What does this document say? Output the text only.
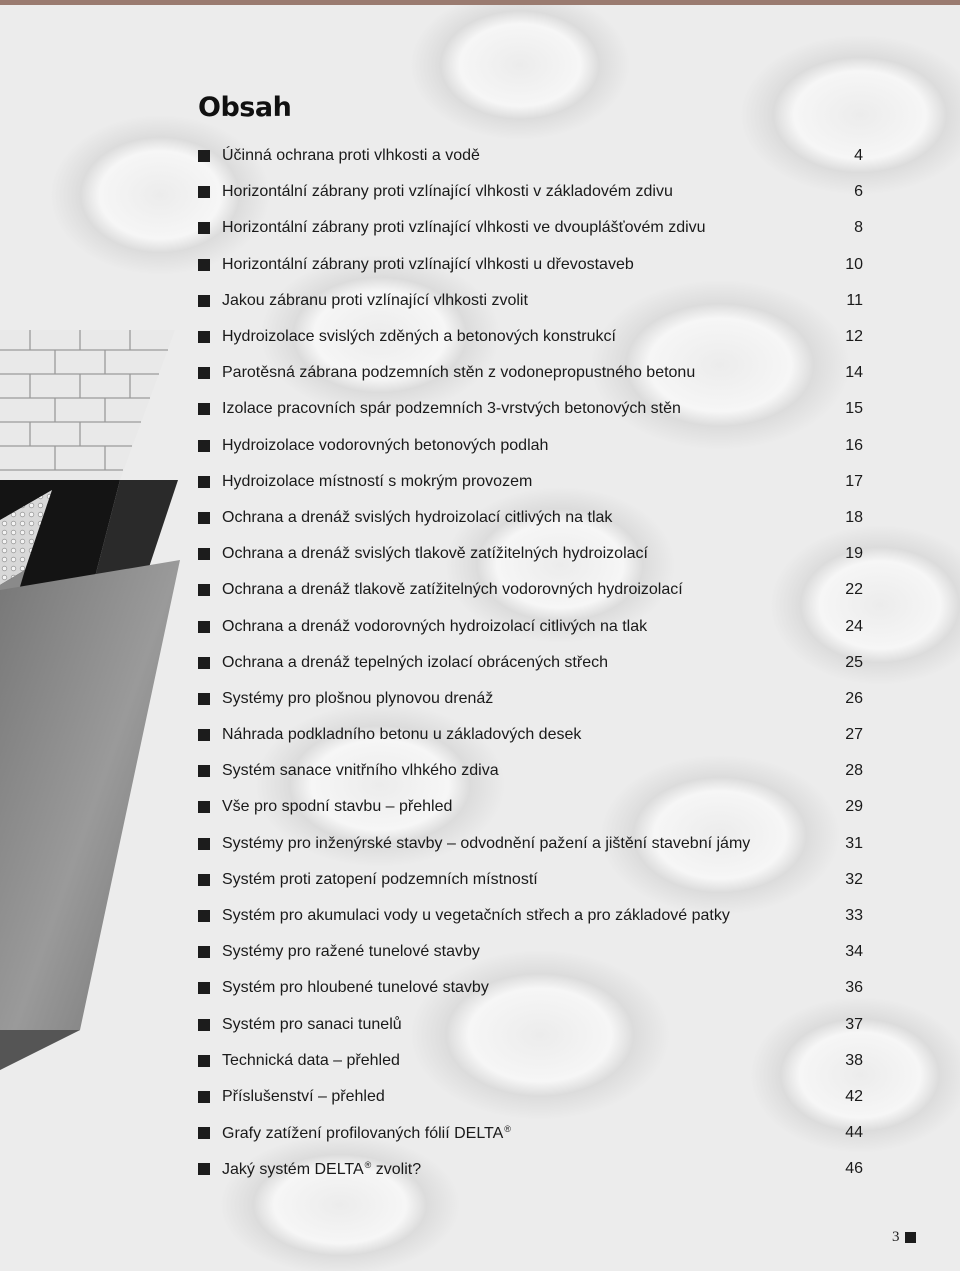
Obsah
Účinná ochrana proti vlhkosti a vodě	4
Horizontální zábrany proti vzlínající vlhkosti v základovém zdivu	6
Horizontální zábrany proti vzlínající vlhkosti ve dvouplášťovém zdivu	8
Horizontální zábrany proti vzlínající vlhkosti u dřevostaveb	10
Jakou zábranu proti vzlínající vlhkosti zvolit	11
Hydroizolace svislých zděných a betonových konstrukcí	12
Parotěsná zábrana podzemních stěn z vodonepropustného betonu	14
Izolace pracovních spár podzemních 3-vrstvých betonových stěn	15
Hydroizolace vodorovných betonových podlah	16
Hydroizolace místností s mokrým provozem	17
Ochrana a drenáž svislých hydroizolací citlivých na tlak	18
Ochrana a drenáž svislých tlakově zatížitelných hydroizolací	19
Ochrana a drenáž tlakově zatížitelných vodorovných hydroizolací	22
Ochrana a drenáž vodorovných hydroizolací citlivých na tlak	24
Ochrana a drenáž tepelných izolací obrácených střech	25
Systémy pro plošnou plynovou drenáž	26
Náhrada podkladního betonu u základových desek	27
Systém sanace vnitřního vlhkého zdiva	28
Vše pro spodní stavbu – přehled	29
Systémy pro inženýrské stavby – odvodnění pažení a jištění stavební jámy	31
Systém proti zatopení podzemních místností	32
Systém pro akumulaci vody u vegetačních střech a pro základové patky	33
Systémy pro ražené tunelové stavby	34
Systém pro hloubené tunelové stavby	36
Systém pro sanaci tunelů	37
Technická data – přehled	38
Příslušenství – přehled	42
Grafy zatížení profilovaných fólií DELTA®	44
Jaký systém DELTA® zvolit?	46
3
